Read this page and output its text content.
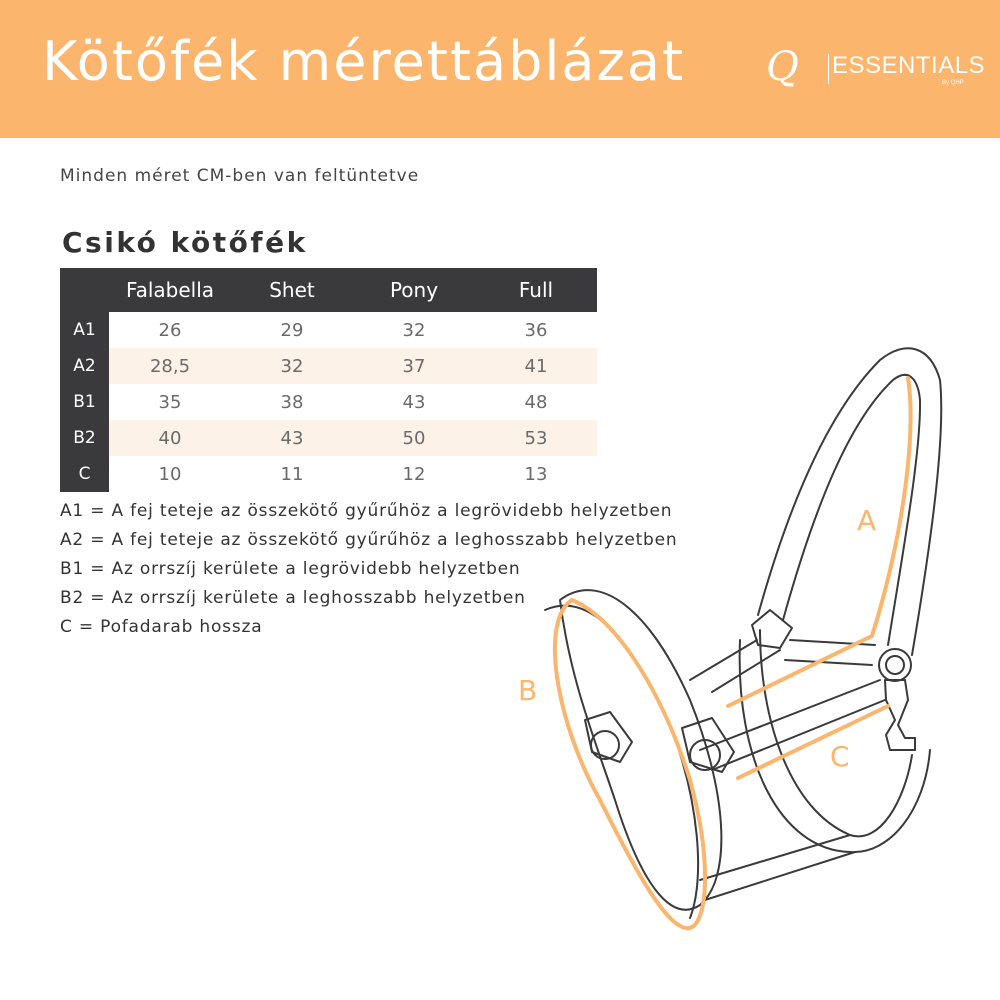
Kötőfék mérettáblázat Q ESSENTIALS
By QHP
Minden méret CM-ben van feltüntetve
Csikó kötőfék
	Falabella	Shet	Pony	Full
A1	26	29	32	36
A2	28,5	32	37	41
B1	35	38	43	48
B2	40	43	50	53
C	10	11	12	13
A1 = A fej teteje az összekötő gyűrűhöz a legrövidebb helyzetben
A2 = A fej teteje az összekötő gyűrűhöz a leghosszabb helyzetben
B1 = Az orrszíj kerülete a legrövidebb helyzetben
B2 = Az orrszíj kerülete a leghosszabb helyzetben
C = Pofadarab hossza
A
B
C
